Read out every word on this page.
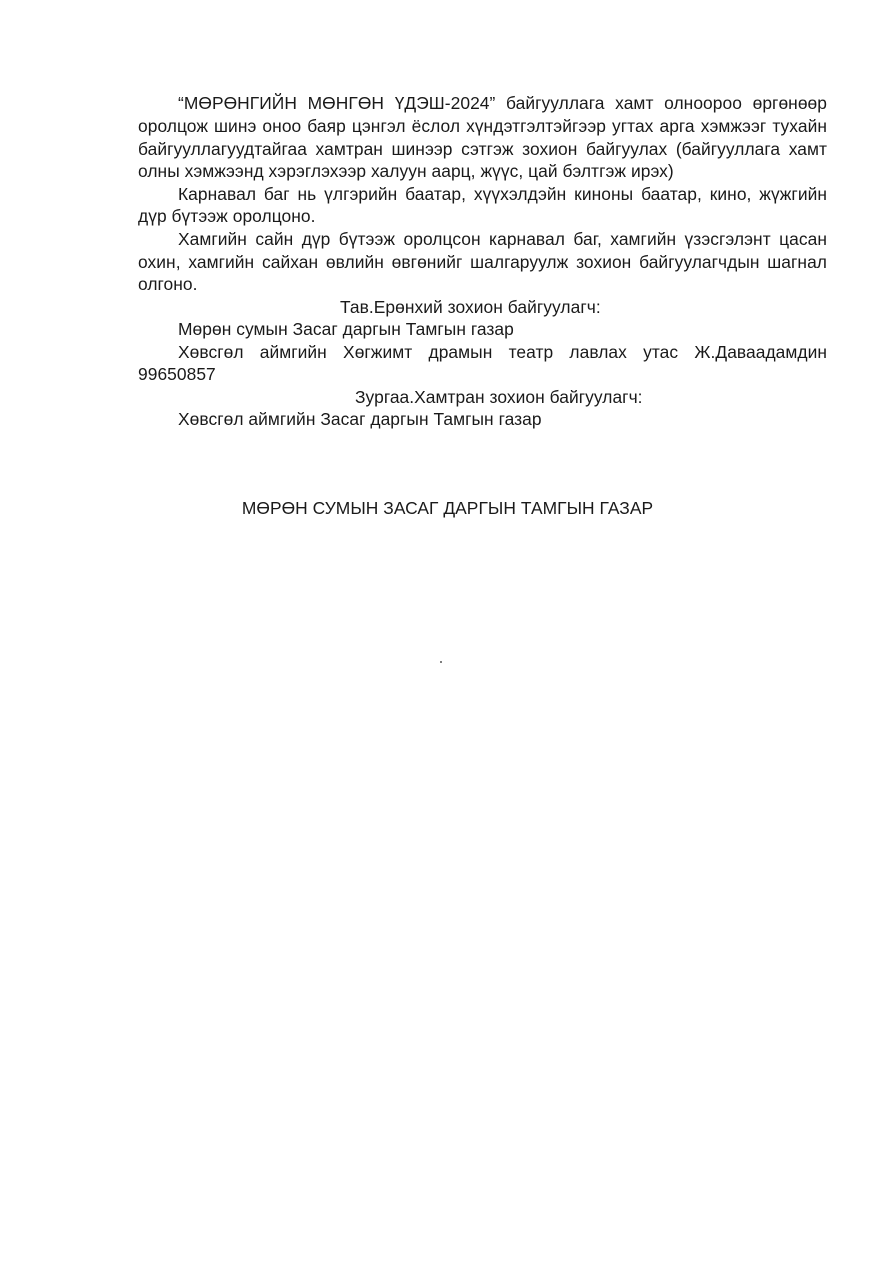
“МӨРӨНГИЙН МӨНГӨН ҮДЭШ-2024” байгууллага хамт олноороо өргөнөөр
оролцож шинэ оноо баяр цэнгэл ёслол хүндэтгэлтэйгээр угтах арга хэмжээг тухайн
байгууллагуудтайгаа хамтран шинээр сэтгэж зохион байгуулах (байгууллага хамт
олны хэмжээнд хэрэглэхээр халуун аарц, жүүс, цай бэлтгэж ирэх)
Карнавал баг нь үлгэрийн баатар, хүүхэлдэйн киноны баатар, кино, жүжгийн
дүр бүтээж оролцоно.
Хамгийн сайн дүр бүтээж оролцсон карнавал баг, хамгийн үзэсгэлэнт цасан
охин, хамгийн сайхан өвлийн өвгөнийг шалгаруулж зохион байгуулагчдын шагнал
олгоно.
Тав.Ерөнхий зохион байгуулагч:
Мөрөн сумын Засаг даргын Тамгын газар
Хөвсгөл аймгийн Хөгжимт драмын театр лавлах утас Ж.Даваадамдин
99650857
Зургаа.Хамтран зохион байгуулагч:
Хөвсгөл аймгийн Засаг даргын Тамгын газар
МӨРӨН СУМЫН ЗАСАГ ДАРГЫН ТАМГЫН ГАЗАР
